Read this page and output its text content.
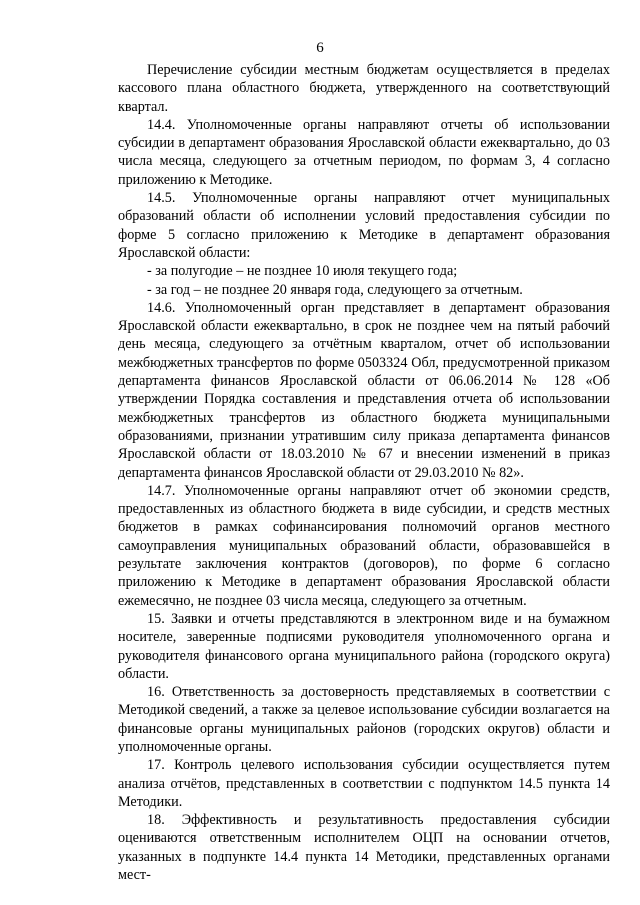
6

Перечисление субсидии местным бюджетам осуществляется в пределах кассового плана областного бюджета, утвержденного на соответствующий квартал.

14.4. Уполномоченные органы направляют отчеты об использовании субсидии в департамент образования Ярославской области ежеквартально, до 03 числа месяца, следующего за отчетным периодом, по формам 3, 4 согласно приложению к Методике.

14.5. Уполномоченные органы направляют отчет муниципальных образований области об исполнении условий предоставления субсидии по форме 5 согласно приложению к Методике в департамент образования Ярославской области:

- за полугодие – не позднее 10 июля текущего года;

- за год – не позднее 20 января года, следующего за отчетным.

14.6. Уполномоченный орган представляет в департамент образования Ярославской области ежеквартально, в срок не позднее чем на пятый рабочий день месяца, следующего за отчётным кварталом, отчет об использовании межбюджетных трансфертов по форме 0503324 Обл, предусмотренной приказом департамента финансов Ярославской области от 06.06.2014 № 128 «Об утверждении Порядка составления и представления отчета об использовании межбюджетных трансфертов из областного бюджета муниципальными образованиями, признании утратившим силу приказа департамента финансов Ярославской области от 18.03.2010 № 67 и внесении изменений в приказ департамента финансов Ярославской области от 29.03.2010 № 82».

14.7. Уполномоченные органы направляют отчет об экономии средств, предоставленных из областного бюджета в виде субсидии, и средств местных бюджетов в рамках софинансирования полномочий органов местного самоуправления муниципальных образований области, образовавшейся в результате заключения контрактов (договоров), по форме 6 согласно приложению к Методике в департамент образования Ярославской области ежемесячно, не позднее 03 числа месяца, следующего за отчетным.

15. Заявки и отчеты представляются в электронном виде и на бумажном носителе, заверенные подписями руководителя уполномоченного органа и руководителя финансового органа муниципального района (городского округа) области.

16. Ответственность за достоверность представляемых в соответствии с Методикой сведений, а также за целевое использование субсидии возлагается на финансовые органы муниципальных районов (городских округов) области и уполномоченные органы.

17. Контроль целевого использования субсидии осуществляется путем анализа отчётов, представленных в соответствии с подпунктом 14.5 пункта 14 Методики.

18. Эффективность и результативность предоставления субсидии оцениваются ответственным исполнителем ОЦП на основании отчетов, указанных в подпункте 14.4 пункта 14 Методики, представленных органами мест-
